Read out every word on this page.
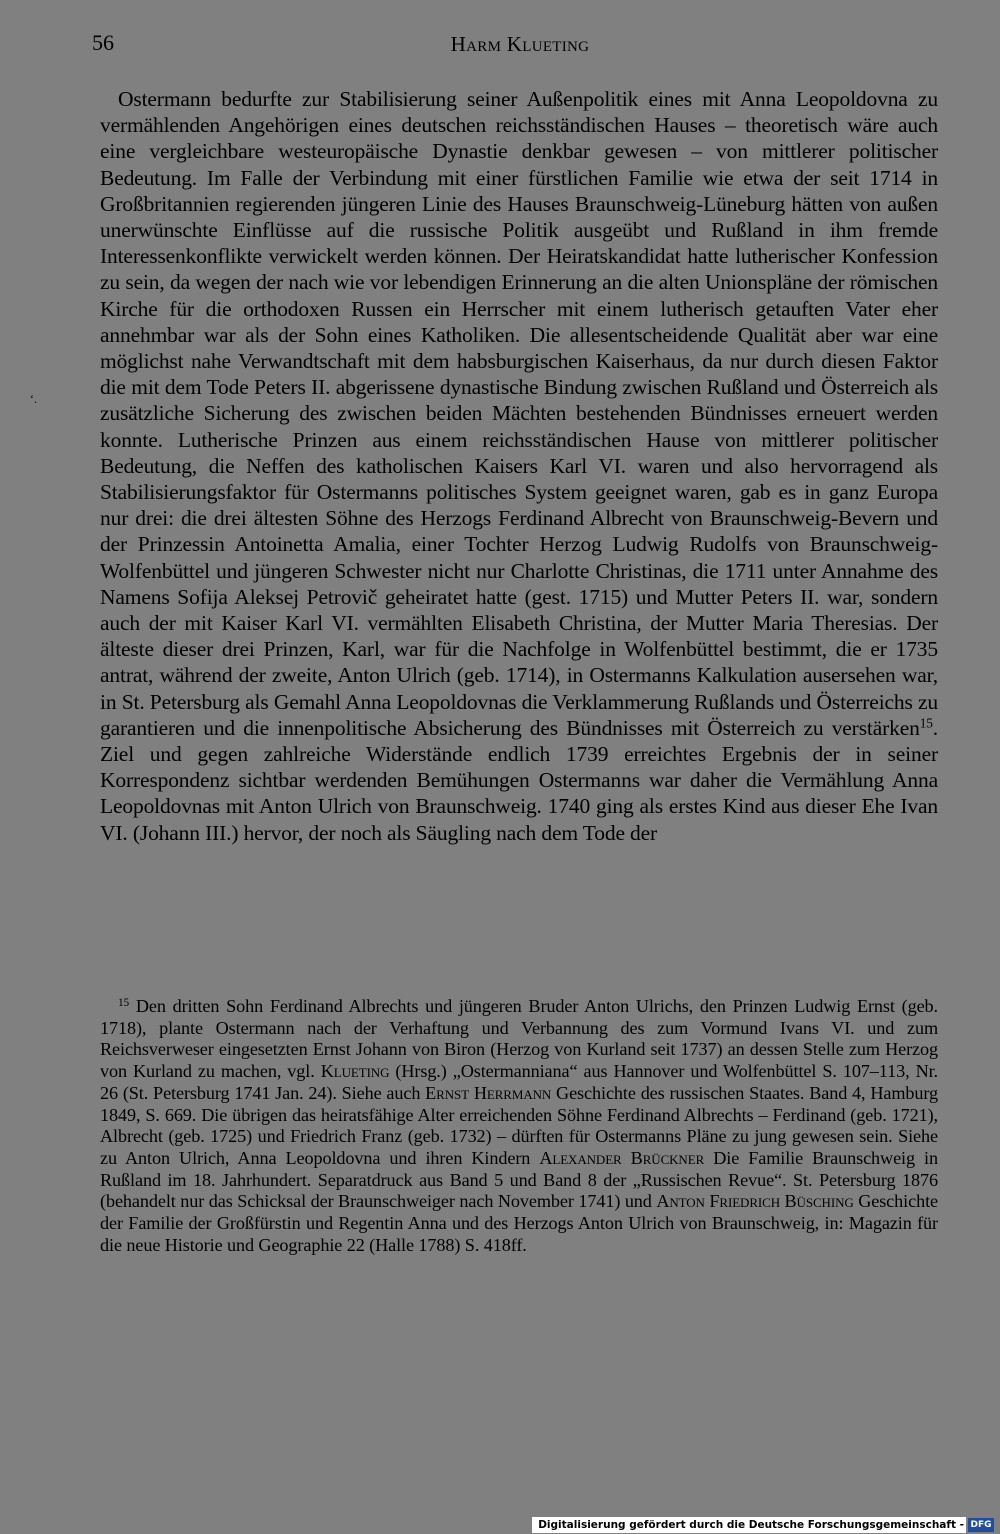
56	Harm Klueting
‘.

Ostermann bedurfte zur Stabilisierung seiner Außenpolitik eines mit Anna Leopoldovna zu vermählenden Angehörigen eines deutschen reichsständischen Hauses – theoretisch wäre auch eine vergleichbare westeuropäische Dynastie denkbar gewesen – von mittlerer politischer Bedeutung. Im Falle der Verbindung mit einer fürstlichen Familie wie etwa der seit 1714 in Großbritannien regierenden jüngeren Linie des Hauses Braunschweig-Lüneburg hätten von außen unerwünschte Einflüsse auf die russische Politik ausgeübt und Rußland in ihm fremde Interessenkonflikte verwickelt werden können. Der Heiratskandidat hatte lutherischer Konfession zu sein, da wegen der nach wie vor lebendigen Erinnerung an die alten Unionspläne der römischen Kirche für die orthodoxen Russen ein Herrscher mit einem lutherisch getauften Vater eher annehmbar war als der Sohn eines Katholiken. Die allesentscheidende Qualität aber war eine möglichst nahe Verwandtschaft mit dem habsburgischen Kaiserhaus, da nur durch diesen Faktor die mit dem Tode Peters II. abgerissene dynastische Bindung zwischen Rußland und Österreich als zusätzliche Sicherung des zwischen beiden Mächten bestehenden Bündnisses erneuert werden konnte. Lutherische Prinzen aus einem reichsständischen Hause von mittlerer politischer Bedeutung, die Neffen des katholischen Kaisers Karl VI. waren und also hervorragend als Stabilisierungsfaktor für Ostermanns politisches System geeignet waren, gab es in ganz Europa nur drei: die drei ältesten Söhne des Herzogs Ferdinand Albrecht von Braunschweig-Bevern und der Prinzessin Antoinetta Amalia, einer Tochter Herzog Ludwig Rudolfs von Braunschweig-Wolfenbüttel und jüngeren Schwester nicht nur Charlotte Christinas, die 1711 unter Annahme des Namens Sofija Aleksej Petrovič geheiratet hatte (gest. 1715) und Mutter Peters II. war, sondern auch der mit Kaiser Karl VI. vermählten Elisabeth Christina, der Mutter Maria Theresias. Der älteste dieser drei Prinzen, Karl, war für die Nachfolge in Wolfenbüttel bestimmt, die er 1735 antrat, während der zweite, Anton Ulrich (geb. 1714), in Ostermanns Kalkulation ausersehen war, in St. Petersburg als Gemahl Anna Leopoldovnas die Verklammerung Rußlands und Österreichs zu garantieren und die innenpolitische Absicherung des Bündnisses mit Österreich zu verstärken$^{15}$. Ziel und gegen zahlreiche Widerstände endlich 1739 erreichtes Ergebnis der in seiner Korrespondenz sichtbar werdenden Bemühungen Ostermanns war daher die Vermählung Anna Leopoldovnas mit Anton Ulrich von Braunschweig. 1740 ging als erstes Kind aus dieser Ehe Ivan VI. (Johann III.) hervor, der noch als Säugling nach dem Tode der

$^{15}$ Den dritten Sohn Ferdinand Albrechts und jüngeren Bruder Anton Ulrichs, den Prinzen Ludwig Ernst (geb. 1718), plante Ostermann nach der Verhaftung und Verbannung des zum Vormund Ivans VI. und zum Reichsverweser eingesetzten Ernst Johann von Biron (Herzog von Kurland seit 1737) an dessen Stelle zum Herzog von Kurland zu machen, vgl. Klueting (Hrsg.) „Ostermanniana“ aus Hannover und Wolfenbüttel S. 107–113, Nr. 26 (St. Petersburg 1741 Jan. 24). Siehe auch Ernst Herrmann Geschichte des russischen Staates. Band 4, Hamburg 1849, S. 669. Die übrigen das heiratsfähige Alter erreichenden Söhne Ferdinand Albrechts – Ferdinand (geb. 1721), Albrecht (geb. 1725) und Friedrich Franz (geb. 1732) – dürften für Ostermanns Pläne zu jung gewesen sein. Siehe zu Anton Ulrich, Anna Leopoldovna und ihren Kindern Alexander Brückner Die Familie Braunschweig in Rußland im 18. Jahrhundert. Separatdruck aus Band 5 und Band 8 der „Russischen Revue“. St. Petersburg 1876 (behandelt nur das Schicksal der Braunschweiger nach November 1741) und Anton Friedrich Büsching Geschichte der Familie der Großfürstin und Regentin Anna und des Herzogs Anton Ulrich von Braunschweig, in: Magazin für die neue Historie und Geographie 22 (Halle 1788) S. 418ff.

Digitalisierung gefördert durch die Deutsche Forschungsgemeinschaft - DFG
